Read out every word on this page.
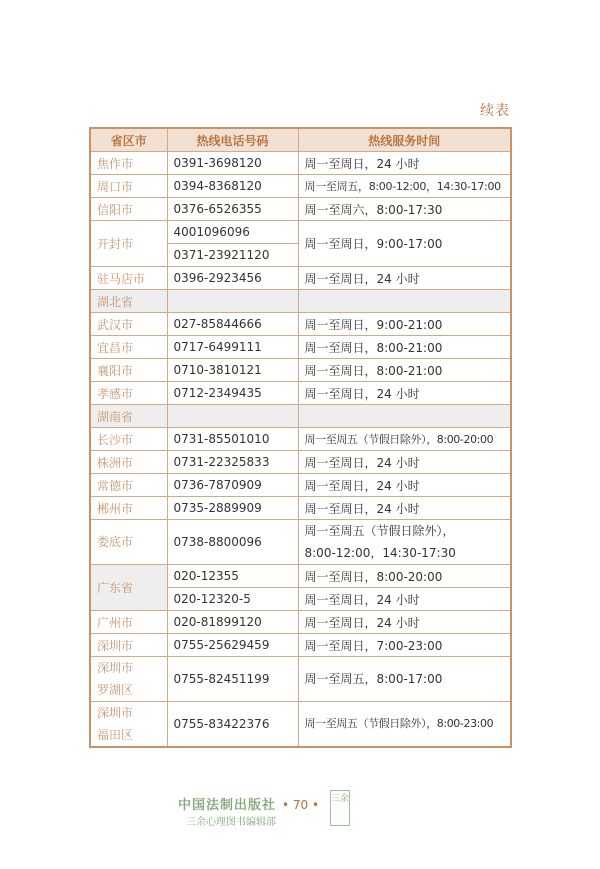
续表
省区市	热线电话号码	热线服务时间
焦作市	0391-3698120	周一至周日，24 小时
周口市	0394-8368120	周一至周五，8:00-12:00，14:30-17:00
信阳市	0376-6526355	周一至周六，8:00-17:30
开封市	4001096096	周一至周日，9:00-17:00
	0371-23921120	
驻马店市	0396-2923456	周一至周日，24 小时
湖北省		
武汉市	027-85844666	周一至周日，9:00-21:00
宜昌市	0717-6499111	周一至周日，8:00-21:00
襄阳市	0710-3810121	周一至周日，8:00-21:00
孝感市	0712-2349435	周一至周日，24 小时
湖南省		
长沙市	0731-85501010	周一至周五（节假日除外），8:00-20:00
株洲市	0731-22325833	周一至周日，24 小时
常德市	0736-7870909	周一至周日，24 小时
郴州市	0735-2889909	周一至周日，24 小时
娄底市	0738-8800096	周一至周五（节假日除外），
8:00-12:00，14:30-17:30

广东省	020-12355	周一至周日，8:00-20:00
	020-12320-5	周一至周日，24 小时
广州市	020-81899120	周一至周日，24 小时
深圳市	0755-25629459	周一至周日，7:00-23:00

深圳市
罗湖区	0755-82451199	周一至周五，8:00-17:00

深圳市
福田区	0755-83422376	周一至周五（节假日除外），8:00-23:00
中国法制出版社
三余心理图书编辑部
• 70 • 三余
